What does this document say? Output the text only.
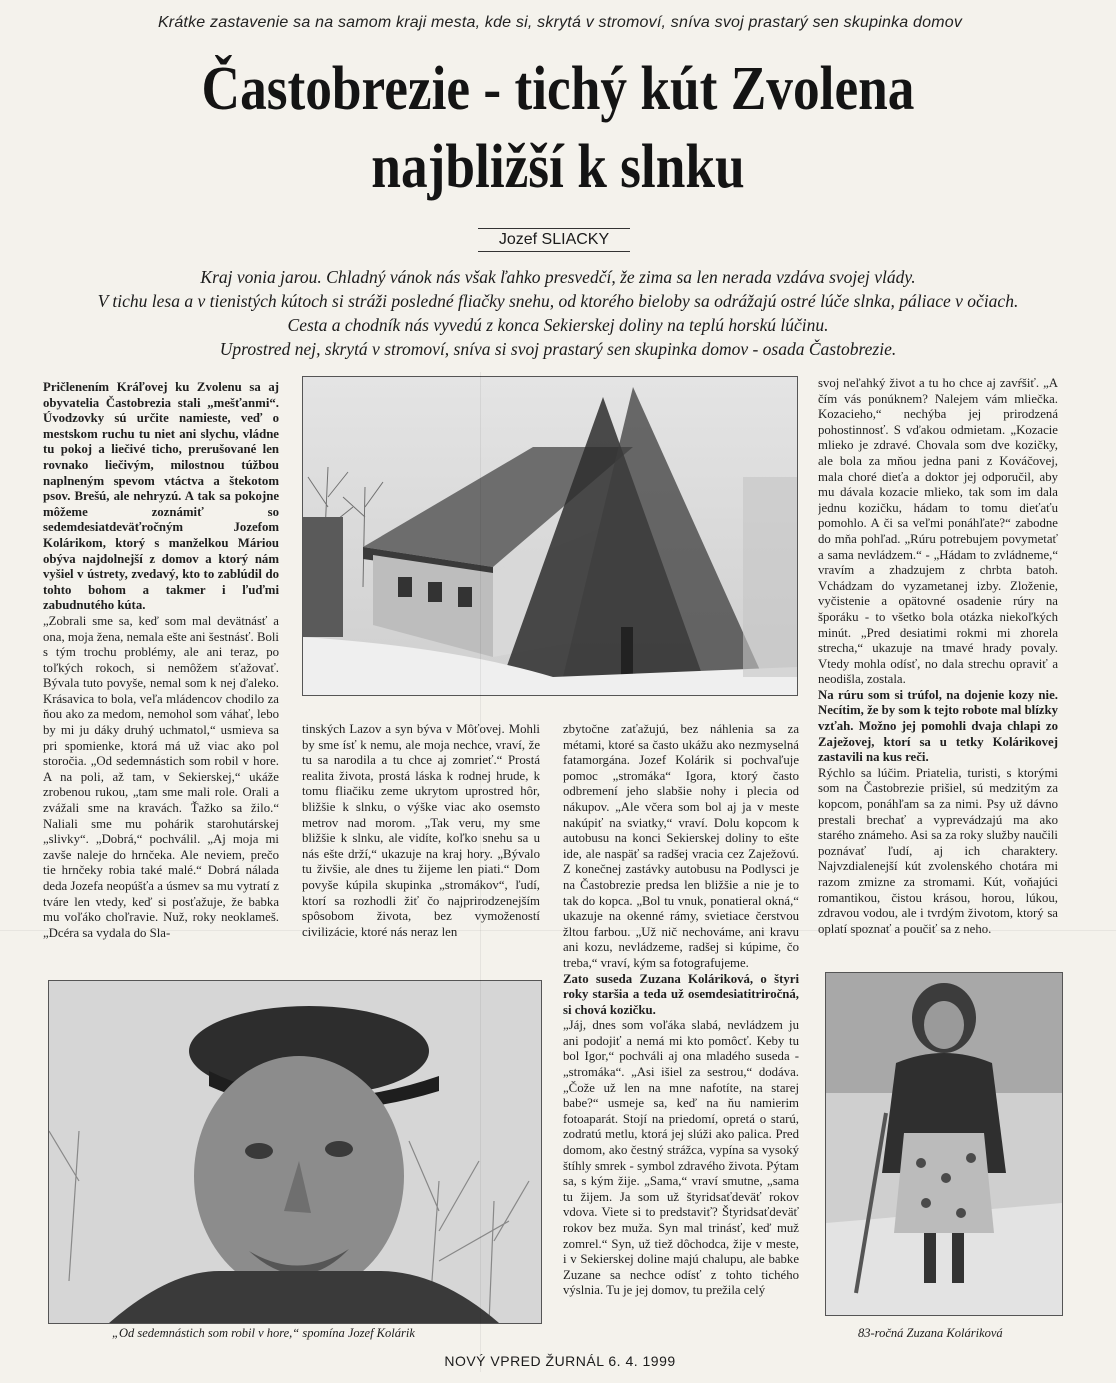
Krátke zastavenie sa na samom kraji mesta, kde si, skrytá v stromoví, sníva svoj prastarý sen skupinka domov
Častobrezie - tichý kút Zvolena
najbližší k slnku
Jozef SLIACKY
Kraj vonia jarou. Chladný vánok nás však ľahko presvedčí, že zima sa len nerada vzdáva svojej vlády.
V tichu lesa a v tienistých kútoch si stráži posledné fliačky snehu, od ktorého bieloby sa odrážajú ostré lúče slnka, páliace v očiach.
Cesta a chodník nás vyvedú z konca Sekierskej doliny na teplú horskú lúčinu.
Uprostred nej, skrytá v stromoví, sníva si svoj prastarý sen skupinka domov - osada Častobrezie.

Pričlenením Kráľovej ku Zvolenu sa aj obyvatelia Častobrezia stali „mešťanmi“. Úvodzovky sú určite namieste, veď o mestskom ruchu tu niet ani slychu, vládne tu pokoj a liečivé ticho, prerušované len rovnako liečivým, milostnou túžbou naplneným spevom vtáctva a štekotom psov. Brešú, ale nehryzú. A tak sa pokojne môžeme zoznámiť so sedemdesiatdeväťročným Jozefom Kolárikom, ktorý s manželkou Máriou obýva najdolnejší z domov a ktorý nám vyšiel v ústrety, zvedavý, kto to zablúdil do tohto bohom a takmer i ľuďmi zabudnutého kúta.

„Zobrali sme sa, keď som mal devätnásť a ona, moja žena, nemala ešte ani šestnásť. Boli s tým trochu problémy, ale ani teraz, po toľkých rokoch, si nemôžem sťažovať. Bývala tuto povyše, nemal som k nej ďaleko. Krásavica to bola, veľa mládencov chodilo za ňou ako za medom, nemohol som váhať, lebo by mi ju dáky druhý uchmatol,“ usmieva sa pri spomienke, ktorá má už viac ako pol storočia. „Od sedemnástich som robil v hore. A na poli, až tam, v Sekierskej,“ ukáže zrobenou rukou, „tam sme mali role. Orali a zvážali sme na kravách. Ťažko sa žilo.“ Naliali sme mu pohárik starohutárskej „slivky“. „Dobrá,“ pochválil. „Aj moja mi zavše naleje do hrnčeka. Ale neviem, prečo tie hrnčeky robia také malé.“ Dobrá nálada deda Jozefa neopúšťa a úsmev sa mu vytratí z tváre len vtedy, keď si posťažuje, že babka mu voľáko choľravie. Nuž, roky neoklameš. „Dcéra sa vydala do Sla-

tinských Lazov a syn býva v Môťovej. Mohli by sme ísť k nemu, ale moja nechce, vraví, že tu sa narodila a tu chce aj zomrieť.“ Prostá realita života, prostá láska k rodnej hrude, k tomu fliačiku zeme ukrytom uprostred hôr, bližšie k slnku, o výške viac ako osemsto metrov nad morom. „Tak veru, my sme bližšie k slnku, ale vidíte, koľko snehu sa u nás ešte drží,“ ukazuje na kraj hory. „Bývalo tu živšie, ale dnes tu žijeme len piati.“ Dom povyše kúpila skupinka „stromákov“, ľudí, ktorí sa rozhodli žiť čo najprirodzenejším spôsobom života, bez vymožeností civilizácie, ktoré nás neraz len

zbytočne zaťažujú, bez náhlenia sa za métami, ktoré sa často ukážu ako nezmyselná fatamorgána. Jozef Kolárik si pochvaľuje pomoc „stromáka“ Igora, ktorý často odbremení jeho slabšie nohy i plecia od nákupov. „Ale včera som bol aj ja v meste nakúpiť na sviatky,“ vraví. Dolu kopcom k autobusu na konci Sekierskej doliny to ešte ide, ale naspäť sa radšej vracia cez Zaježovú. Z konečnej zastávky autobusu na Podlysci je na Častobrezie predsa len bližšie a nie je to tak do kopca. „Bol tu vnuk, ponatieral okná,“ ukazuje na okenné rámy, svietiace čerstvou žltou farbou. „Už nič nechováme, ani kravu ani kozu, nevládzeme, radšej si kúpime, čo treba,“ vraví, kým sa fotografujeme.

Zato suseda Zuzana Koláriková, o štyri roky staršia a teda už osemdesiatitriročná, si chová kozičku.

„Jáj, dnes som voľáka slabá, nevládzem ju ani podojiť a nemá mi kto pomôcť. Keby tu bol Igor,“ pochváli aj ona mladého suseda - „stromáka“. „Asi išiel za sestrou,“ dodáva. „Čože už len na mne nafotíte, na starej babe?“ usmeje sa, keď na ňu namierim fotoaparát. Stojí na priedomí, opretá o starú, zodratú metlu, ktorá jej slúži ako palica. Pred domom, ako čestný strážca, vypína sa vysoký štíhly smrek - symbol zdravého života. Pýtam sa, s kým žije. „Sama,“ vraví smutne, „sama tu žijem. Ja som už štyridsaťdeväť rokov vdova. Viete si to predstaviť? Štyridsaťdeväť rokov bez muža. Syn mal trinásť, keď muž zomrel.“ Syn, už tiež dôchodca, žije v meste, i v Sekierskej doline majú chalupu, ale babke Zuzane sa nechce odísť z tohto tichého výslnia. Tu je jej domov, tu prežila celý

svoj neľahký život a tu ho chce aj zavŕšiť. „A čím vás ponúknem? Nalejem vám mliečka. Kozacieho,“ nechýba jej prirodzená pohostinnosť. S vďakou odmietam. „Kozacie mlieko je zdravé. Chovala som dve kozičky, ale bola za mňou jedna pani z Kováčovej, mala choré dieťa a doktor jej odporučil, aby mu dávala kozacie mlieko, tak som im dala jednu kozičku, hádam to tomu dieťaťu pomohlo. A či sa veľmi ponáhľate?“ zabodne do mňa pohľad. „Rúru potrebujem povymetať a sama nevládzem.“ - „Hádam to zvládneme,“ vravím a zhadzujem z chrbta batoh. Vchádzam do vyzametanej izby. Zloženie, vyčistenie a opätovné osadenie rúry na šporáku - to všetko bola otázka niekoľkých minút. „Pred desiatimi rokmi mi zhorela strecha,“ ukazuje na tmavé hrady povaly. Vtedy mohla odísť, no dala strechu opraviť a neodišla, zostala.

Na rúru som si trúfol, na dojenie kozy nie. Necítim, že by som k tejto robote mal blízky vzťah. Možno jej pomohli dvaja chlapi zo Zaježovej, ktorí sa u tetky Kolárikovej zastavili na kus reči.

Rýchlo sa lúčim. Priatelia, turisti, s ktorými som na Častobrezie prišiel, sú medzitým za kopcom, ponáhľam sa za nimi. Psy už dávno prestali brechať a vyprevádzajú ma ako starého známeho. Asi sa za roky služby naučili poznávať ľudí, aj ich charaktery. Najvzdialenejší kút zvolenského chotára mi razom zmizne za stromami. Kút, voňajúci romantikou, čistou krásou, horou, lúkou, zdravou vodou, ale i tvrdým životom, ktorý sa oplatí spoznať a poučiť sa z neho.

„Od sedemnástich som robil v hore,“ spomína Jozef Kolárik	83-ročná Zuzana Koláriková
NOVÝ VPRED ŽURNÁL 6. 4. 1999
